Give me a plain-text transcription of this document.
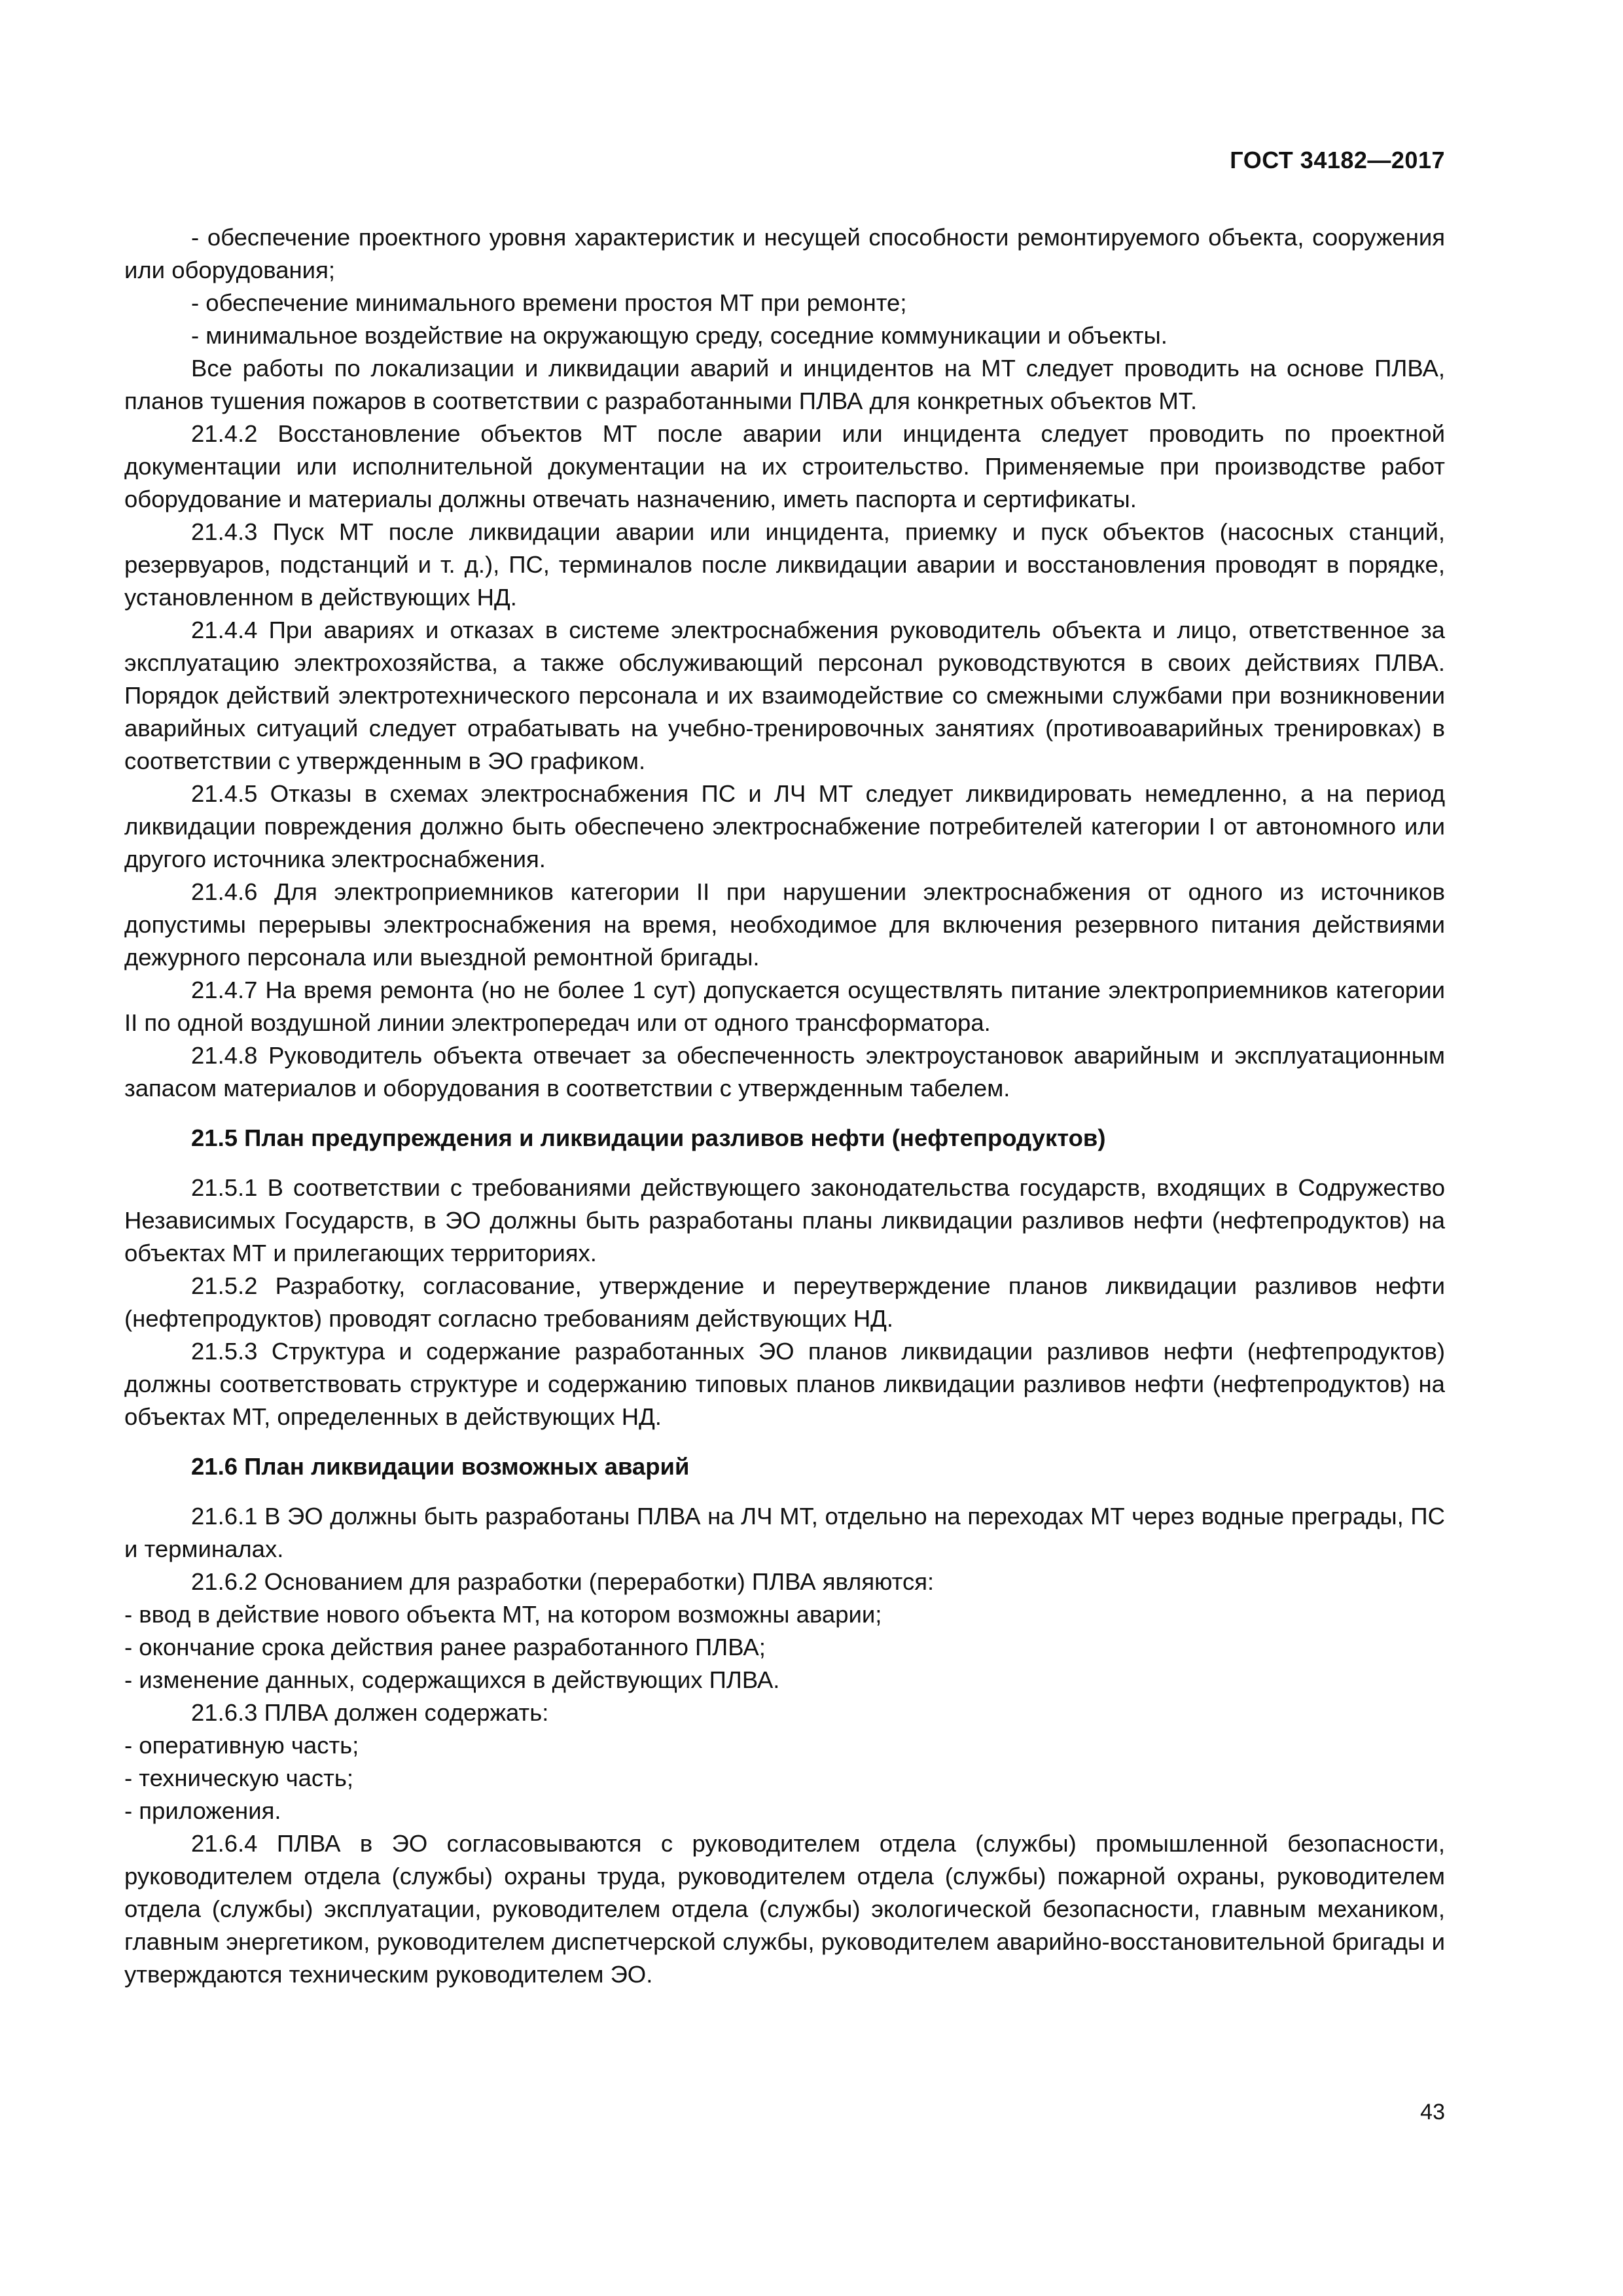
ГОСТ 34182—2017

- обеспечение проектного уровня характеристик и несущей способности ремонтируемого объекта, сооружения или оборудования;

- обеспечение минимального времени простоя МТ при ремонте;

- минимальное воздействие на окружающую среду, соседние коммуникации и объекты.

Все работы по локализации и ликвидации аварий и инцидентов на МТ следует проводить на основе ПЛВА, планов тушения пожаров в соответствии с разработанными ПЛВА для конкретных объектов МТ.

21.4.2 Восстановление объектов МТ после аварии или инцидента следует проводить по проектной документации или исполнительной документации на их строительство. Применяемые при производстве работ оборудование и материалы должны отвечать назначению, иметь паспорта и сертификаты.

21.4.3 Пуск МТ после ликвидации аварии или инцидента, приемку и пуск объектов (насосных станций, резервуаров, подстанций и т. д.), ПС, терминалов после ликвидации аварии и восстановления проводят в порядке, установленном в действующих НД.

21.4.4 При авариях и отказах в системе электроснабжения руководитель объекта и лицо, ответственное за эксплуатацию электрохозяйства, а также обслуживающий персонал руководствуются в своих действиях ПЛВА. Порядок действий электротехнического персонала и их взаимодействие со смежными службами при возникновении аварийных ситуаций следует отрабатывать на учебно-тренировочных занятиях (противоаварийных тренировках) в соответствии с утвержденным в ЭО графиком.

21.4.5 Отказы в схемах электроснабжения ПС и ЛЧ МТ следует ликвидировать немедленно, а на период ликвидации повреждения должно быть обеспечено электроснабжение потребителей категории I от автономного или другого источника электроснабжения.

21.4.6 Для электроприемников категории II при нарушении электроснабжения от одного из источников допустимы перерывы электроснабжения на время, необходимое для включения резервного питания действиями дежурного персонала или выездной ремонтной бригады.

21.4.7 На время ремонта (но не более 1 сут) допускается осуществлять питание электроприемников категории II по одной воздушной линии электропередач или от одного трансформатора.

21.4.8 Руководитель объекта отвечает за обеспеченность электроустановок аварийным и эксплуатационным запасом материалов и оборудования в соответствии с утвержденным табелем.

21.5 План предупреждения и ликвидации разливов нефти (нефтепродуктов)

21.5.1 В соответствии с требованиями действующего законодательства государств, входящих в Содружество Независимых Государств, в ЭО должны быть разработаны планы ликвидации разливов нефти (нефтепродуктов) на объектах МТ и прилегающих территориях.

21.5.2 Разработку, согласование, утверждение и переутверждение планов ликвидации разливов нефти (нефтепродуктов) проводят согласно требованиям действующих НД.

21.5.3 Структура и содержание разработанных ЭО планов ликвидации разливов нефти (нефтепродуктов) должны соответствовать структуре и содержанию типовых планов ликвидации разливов нефти (нефтепродуктов) на объектах МТ, определенных в действующих НД.

21.6 План ликвидации возможных аварий

21.6.1 В ЭО должны быть разработаны ПЛВА на ЛЧ МТ, отдельно на переходах МТ через водные преграды, ПС и терминалах.

21.6.2 Основанием для разработки (переработки) ПЛВА являются:

- ввод в действие нового объекта МТ, на котором возможны аварии;

- окончание срока действия ранее разработанного ПЛВА;

- изменение данных, содержащихся в действующих ПЛВА.

21.6.3 ПЛВА должен содержать:

- оперативную часть;

- техническую часть;

- приложения.

21.6.4 ПЛВА в ЭО согласовываются с руководителем отдела (службы) промышленной безопасности, руководителем отдела (службы) охраны труда, руководителем отдела (службы) пожарной охраны, руководителем отдела (службы) эксплуатации, руководителем отдела (службы) экологической безопасности, главным механиком, главным энергетиком, руководителем диспетчерской службы, руководителем аварийно-восстановительной бригады и утверждаются техническим руководителем ЭО.

43
